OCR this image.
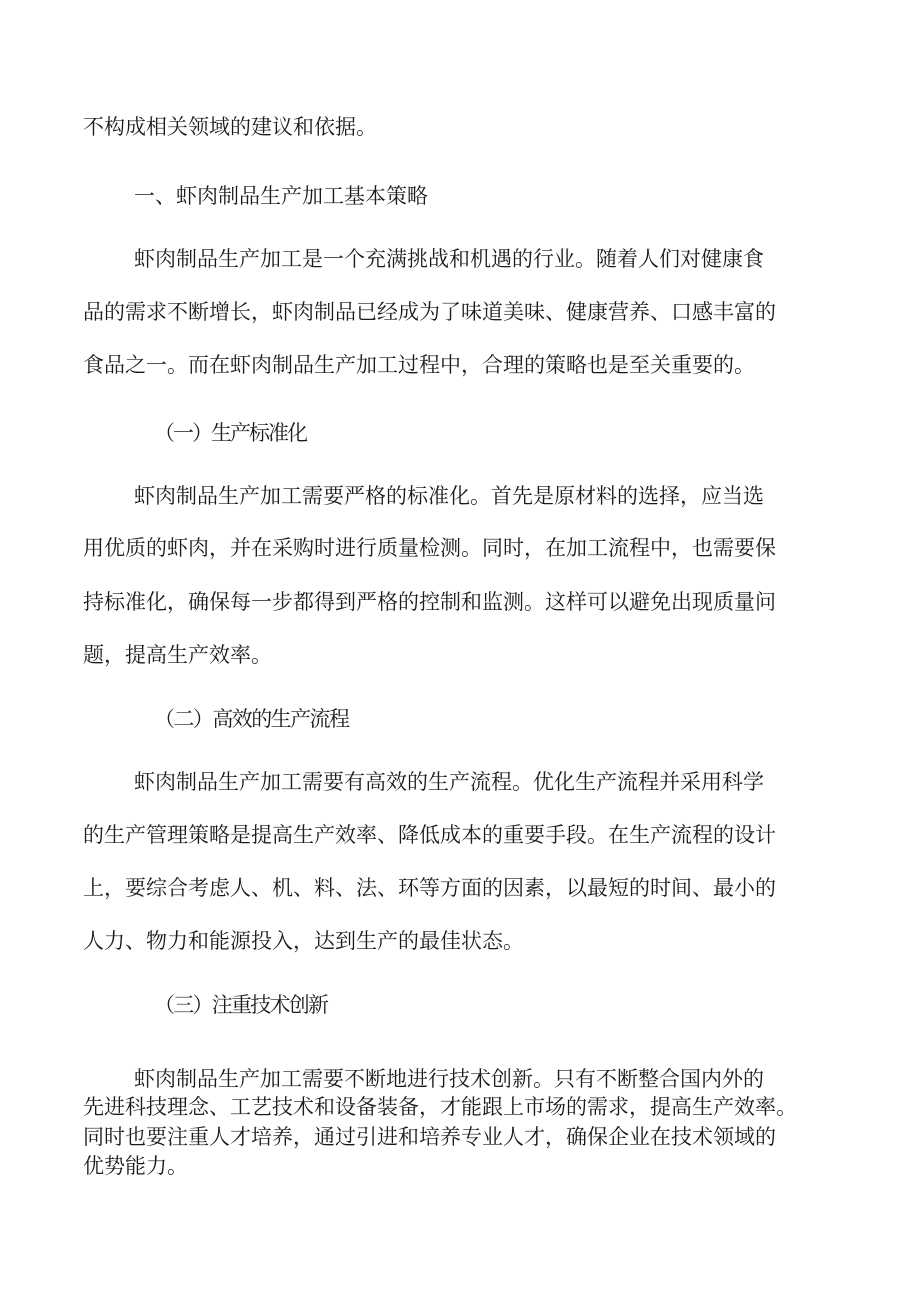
不构成相关领域的建议和依据。
一、虾肉制品生产加工基本策略
虾肉制品生产加工是一个充满挑战和机遇的行业。随着人们对健康食
品的需求不断增长，虾肉制品已经成为了味道美味、健康营养、口感丰富的
食品之一。而在虾肉制品生产加工过程中，合理的策略也是至关重要的。
（一）生产标准化
虾肉制品生产加工需要严格的标准化。首先是原材料的选择，应当选
用优质的虾肉，并在采购时进行质量检测。同时，在加工流程中，也需要保
持标准化，确保每一步都得到严格的控制和监测。这样可以避免出现质量问
题，提高生产效率。
（二）高效的生产流程
虾肉制品生产加工需要有高效的生产流程。优化生产流程并采用科学
的生产管理策略是提高生产效率、降低成本的重要手段。在生产流程的设计
上，要综合考虑人、机、料、法、环等方面的因素，以最短的时间、最小的
人力、物力和能源投入，达到生产的最佳状态。
（三）注重技术创新
虾肉制品生产加工需要不断地进行技术创新。只有不断整合国内外的
先进科技理念、工艺技术和设备装备，才能跟上市场的需求，提高生产效率。
同时也要注重人才培养，通过引进和培养专业人才，确保企业在技术领域的
优势能力。
